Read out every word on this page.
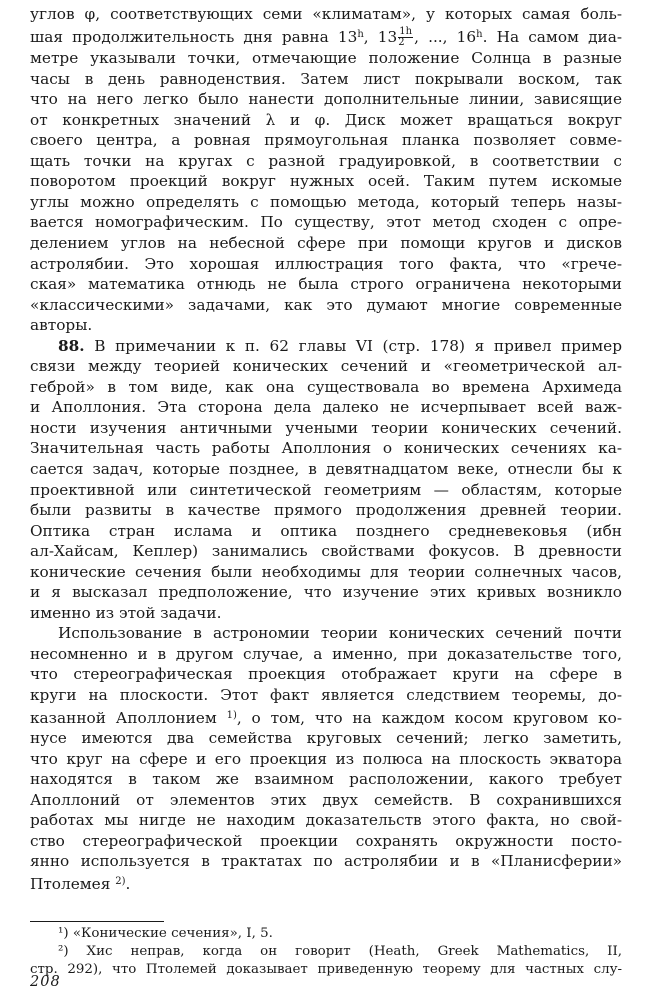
углов φ, соответствующих семи «климатам», у которых самая боль-
шая продолжительность дня равна 13$^h$, $13 \frac{1h}{2}$ , ..., 16$^h$. На самом диа-
метре указывали точки, отмечающие положение Солнца в разные
часы в день равноденствия. Затем лист покрывали воском, так
что на него легко было нанести дополнительные линии, зависящие
от конкретных значений λ и φ. Диск может вращаться вокруг
своего центра, а ровная прямоугольная планка позволяет совме-
щать точки на кругах с разной градуировкой, в соответствии с
поворотом проекций вокруг нужных осей. Таким путем искомые
углы можно определять с помощью метода, который теперь назы-
вается номографическим. По существу, этот метод сходен с опре-
делением углов на небесной сфере при помощи кругов и дисков
астролябии. Это хорошая иллюстрация того факта, что «грече-
ская» математика отнюдь не была строго ограничена некоторыми
«классическими» задачами, как это думают многие современные
авторы.
88. В примечании к п. 62 главы VI (стр. 178) я привел пример
связи между теорией конических сечений и «геометрической ал-
геброй» в том виде, как она существовала во времена Архимеда
и Аполлония. Эта сторона дела далеко не исчерпывает всей важ-
ности изучения античными учеными теории конических сечений.
Значительная часть работы Аполлония о конических сечениях ка-
сается задач, которые позднее, в девятнадцатом веке, отнесли бы к
проективной или синтетической геометриям — областям, которые
были развиты в качестве прямого продолжения древней теории.
Оптика стран ислама и оптика позднего средневековья (ибн
ал-Хайсам, Кеплер) занимались свойствами фокусов. В древности
конические сечения были необходимы для теории солнечных часов,
и я высказал предположение, что изучение этих кривых возникло
именно из этой задачи.
Использование в астрономии теории конических сечений почти
несомненно и в другом случае, а именно, при доказательстве того,
что стереографическая проекция отображает круги на сфере в
круги на плоскости. Этот факт является следствием теоремы, до-
казанной Аполлонием $^{1)}$, о том, что на каждом косом круговом ко-
нусе имеются два семейства круговых сечений; легко заметить,
что круг на сфере и его проекция из полюса на плоскость экватора
находятся в таком же взаимном расположении, какого требует
Аполлоний от элементов этих двух семейств. В сохранившихся
работах мы нигде не находим доказательств этого факта, но свой-
ство стереографической проекции сохранять окружности посто-
янно используется в трактатах по астролябии и в «Планисферии»
Птолемея $^{2)}$.
¹) «Конические сечения», I, 5.
²) Хис неправ, когда он говорит (Heath, Greek Mathematics, II,
стр. 292), что Птолемей доказывает приведенную теорему для частных слу-
208
